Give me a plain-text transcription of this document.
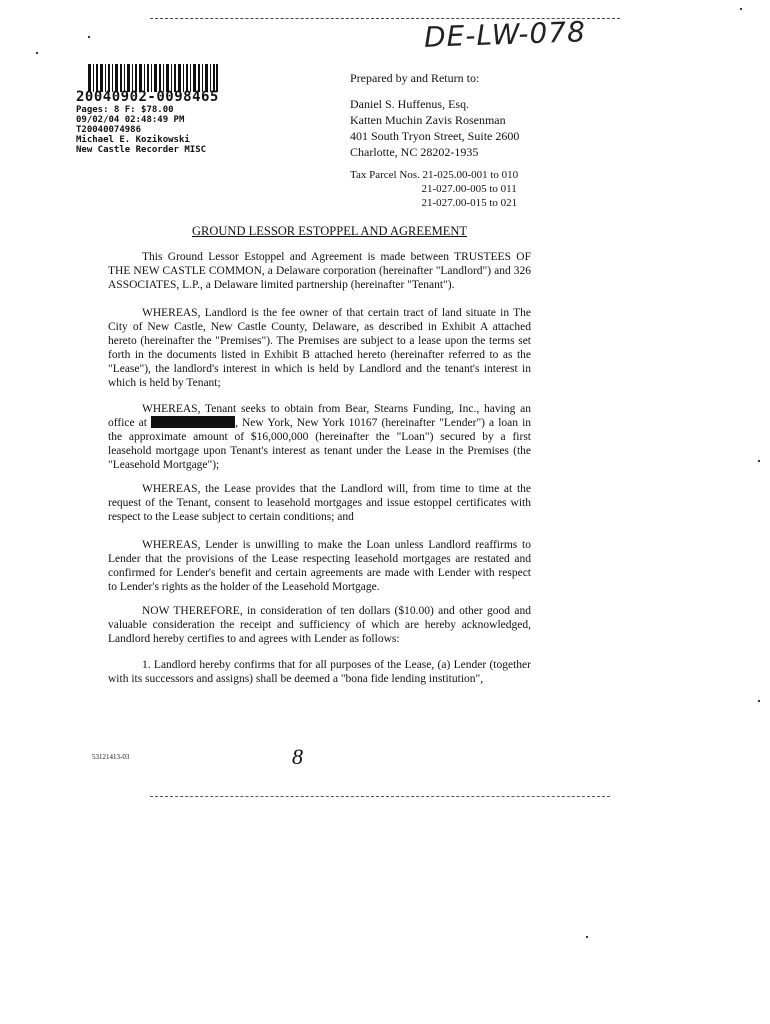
DE-LW-078
20040902-0098465
Pages: 8 F: $78.00
09/02/04 02:48:49 PM
T20040074986
Michael E. Kozikowski
New Castle Recorder MISC
Prepared by and Return to:
Daniel S. Huffenus, Esq.
Katten Muchin Zavis Rosenman
401 South Tryon Street, Suite 2600
Charlotte, NC 28202-1935
Tax Parcel Nos. 21-025.00-001 to 010
21-027.00-005 to 011
21-027.00-015 to 021
GROUND LESSOR ESTOPPEL AND AGREEMENT
This Ground Lessor Estoppel and Agreement is made between TRUSTEES OF THE NEW CASTLE COMMON, a Delaware corporation (hereinafter "Landlord") and 326 ASSOCIATES, L.P., a Delaware limited partnership (hereinafter "Tenant").
WHEREAS, Landlord is the fee owner of that certain tract of land situate in The City of New Castle, New Castle County, Delaware, as described in Exhibit A attached hereto (hereinafter the "Premises"). The Premises are subject to a lease upon the terms set forth in the documents listed in Exhibit B attached hereto (hereinafter referred to as the "Lease"), the landlord's interest in which is held by Landlord and the tenant's interest in which is held by Tenant;
WHEREAS, Tenant seeks to obtain from Bear, Stearns Funding, Inc., having an office at	, New York, New York 10167 (hereinafter "Lender") a loan in the approximate amount of $16,000,000 (hereinafter the "Loan") secured by a first leasehold mortgage upon Tenant's interest as tenant under the Lease in the Premises (the "Leasehold Mortgage");
WHEREAS, the Lease provides that the Landlord will, from time to time at the request of the Tenant, consent to leasehold mortgages and issue estoppel certificates with respect to the Lease subject to certain conditions; and
WHEREAS, Lender is unwilling to make the Loan unless Landlord reaffirms to Lender that the provisions of the Lease respecting leasehold mortgages are restated and confirmed for Lender's benefit and certain agreements are made with Lender with respect to Lender's rights as the holder of the Leasehold Mortgage.
NOW THEREFORE, in consideration of ten dollars ($10.00) and other good and valuable consideration the receipt and sufficiency of which are hereby acknowledged, Landlord hereby certifies to and agrees with Lender as follows:
1. Landlord hereby confirms that for all purposes of the Lease, (a) Lender (together with its successors and assigns) shall be deemed a "bona fide lending institution",
53121413-03	8
